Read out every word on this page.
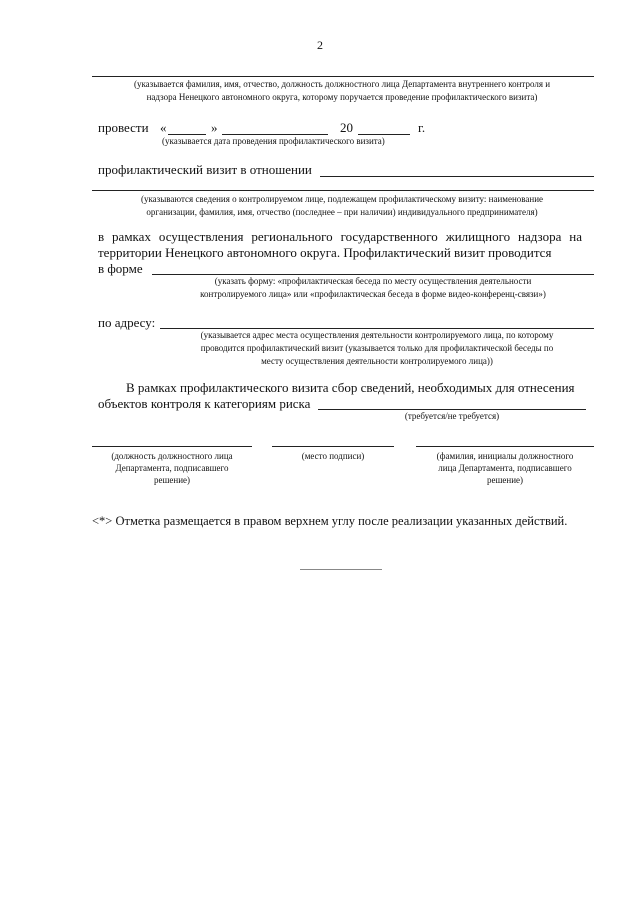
2
(указывается фамилия, имя, отчество, должность должностного лица Департамента внутреннего контроля и
надзора Ненецкого автономного округа, которому поручается проведение профилактического визита)
провести «	»	20	г.
(указывается дата проведения профилактического визита)
профилактический визит в отношении
(указываются сведения о контролируемом лице, подлежащем профилактическому визиту: наименование
организации, фамилия, имя, отчество (последнее – при наличии) индивидуального предпринимателя)
в рамках осуществления регионального государственного жилищного надзора на
территории Ненецкого автономного округа. Профилактический визит проводится
в форме
(указать форму: «профилактическая беседа по месту осуществления деятельности
контролируемого лица» или «профилактическая беседа в форме видео-конференц-связи»)
по адресу:
(указывается адрес места осуществления деятельности контролируемого лица, по которому
проводится профилактический визит (указывается только для профилактической беседы по
месту осуществления деятельности контролируемого лица))
В рамках профилактического визита сбор сведений, необходимых для отнесения
объектов контроля к категориям риска
(требуется/не требуется)
(должность должностного лица
Департамента, подписавшего
решение)
(место подписи)	(фамилия, инициалы должностного
лица Департамента, подписавшего
решение)
<*> Отметка размещается в правом верхнем углу после реализации указанных действий.
